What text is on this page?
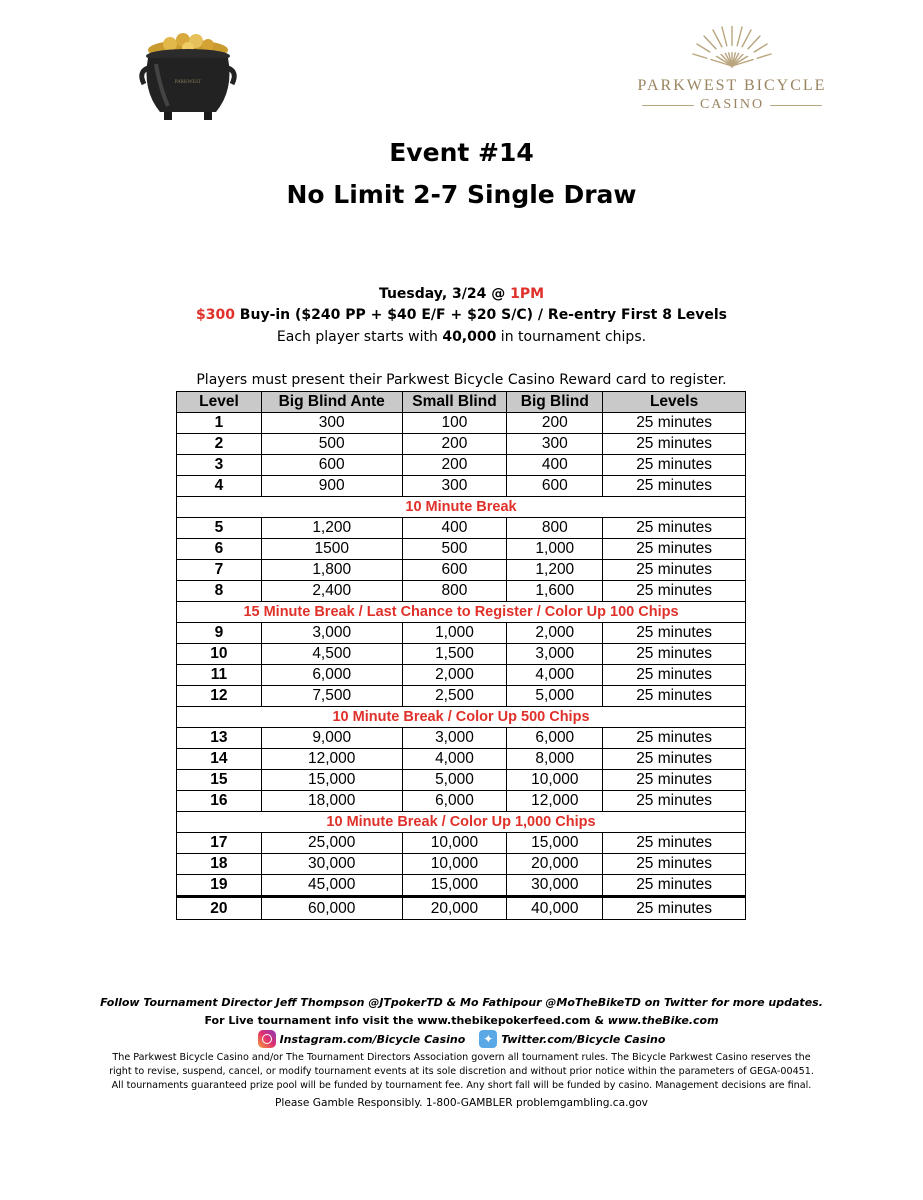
PARKWEST
✦
PARKWEST BICYCLE
CASINO
Event #14
No Limit 2-7 Single Draw
Tuesday, 3/24 @ 1PM
$300 Buy-in ($240 PP + $40 E/F + $20 S/C) / Re-entry First 8 Levels
Each player starts with 40,000 in tournament chips.
Players must present their Parkwest Bicycle Casino Reward card to register.
Level	Big Blind Ante	Small Blind	Big Blind	Levels
1	300	100	200	25 minutes
2	500	200	300	25 minutes
3	600	200	400	25 minutes
4	900	300	600	25 minutes
10 Minute Break				
5	1,200	400	800	25 minutes
6	1500	500	1,000	25 minutes
7	1,800	600	1,200	25 minutes
8	2,400	800	1,600	25 minutes
15 Minute Break / Last Chance to Register / Color Up 100 Chips				
9	3,000	1,000	2,000	25 minutes
10	4,500	1,500	3,000	25 minutes
11	6,000	2,000	4,000	25 minutes
12	7,500	2,500	5,000	25 minutes
10 Minute Break / Color Up 500 Chips				
13	9,000	3,000	6,000	25 minutes
14	12,000	4,000	8,000	25 minutes
15	15,000	5,000	10,000	25 minutes
16	18,000	6,000	12,000	25 minutes
10 Minute Break / Color Up 1,000 Chips				
17	25,000	10,000	15,000	25 minutes
18	30,000	10,000	20,000	25 minutes
19	45,000	15,000	30,000	25 minutes
20	60,000	20,000	40,000	25 minutes
Follow Tournament Director Jeff Thompson @JTpokerTD & Mo Fathipour @MoTheBikeTD on Twitter for more updates.
For Live tournament info visit the www.thebikepokerfeed.com & www.theBike.com
Instagram.com/Bicycle Casino	✦ Twitter.com/Bicycle Casino
The Parkwest Bicycle Casino and/or The Tournament Directors Association govern all tournament rules. The Bicycle Parkwest Casino reserves the
right to revise, suspend, cancel, or modify tournament events at its sole discretion and without prior notice within the parameters of GEGA-00451.
All tournaments guaranteed prize pool will be funded by tournament fee. Any short fall will be funded by casino. Management decisions are final.
Please Gamble Responsibly. 1-800-GAMBLER problemgambling.ca.gov
